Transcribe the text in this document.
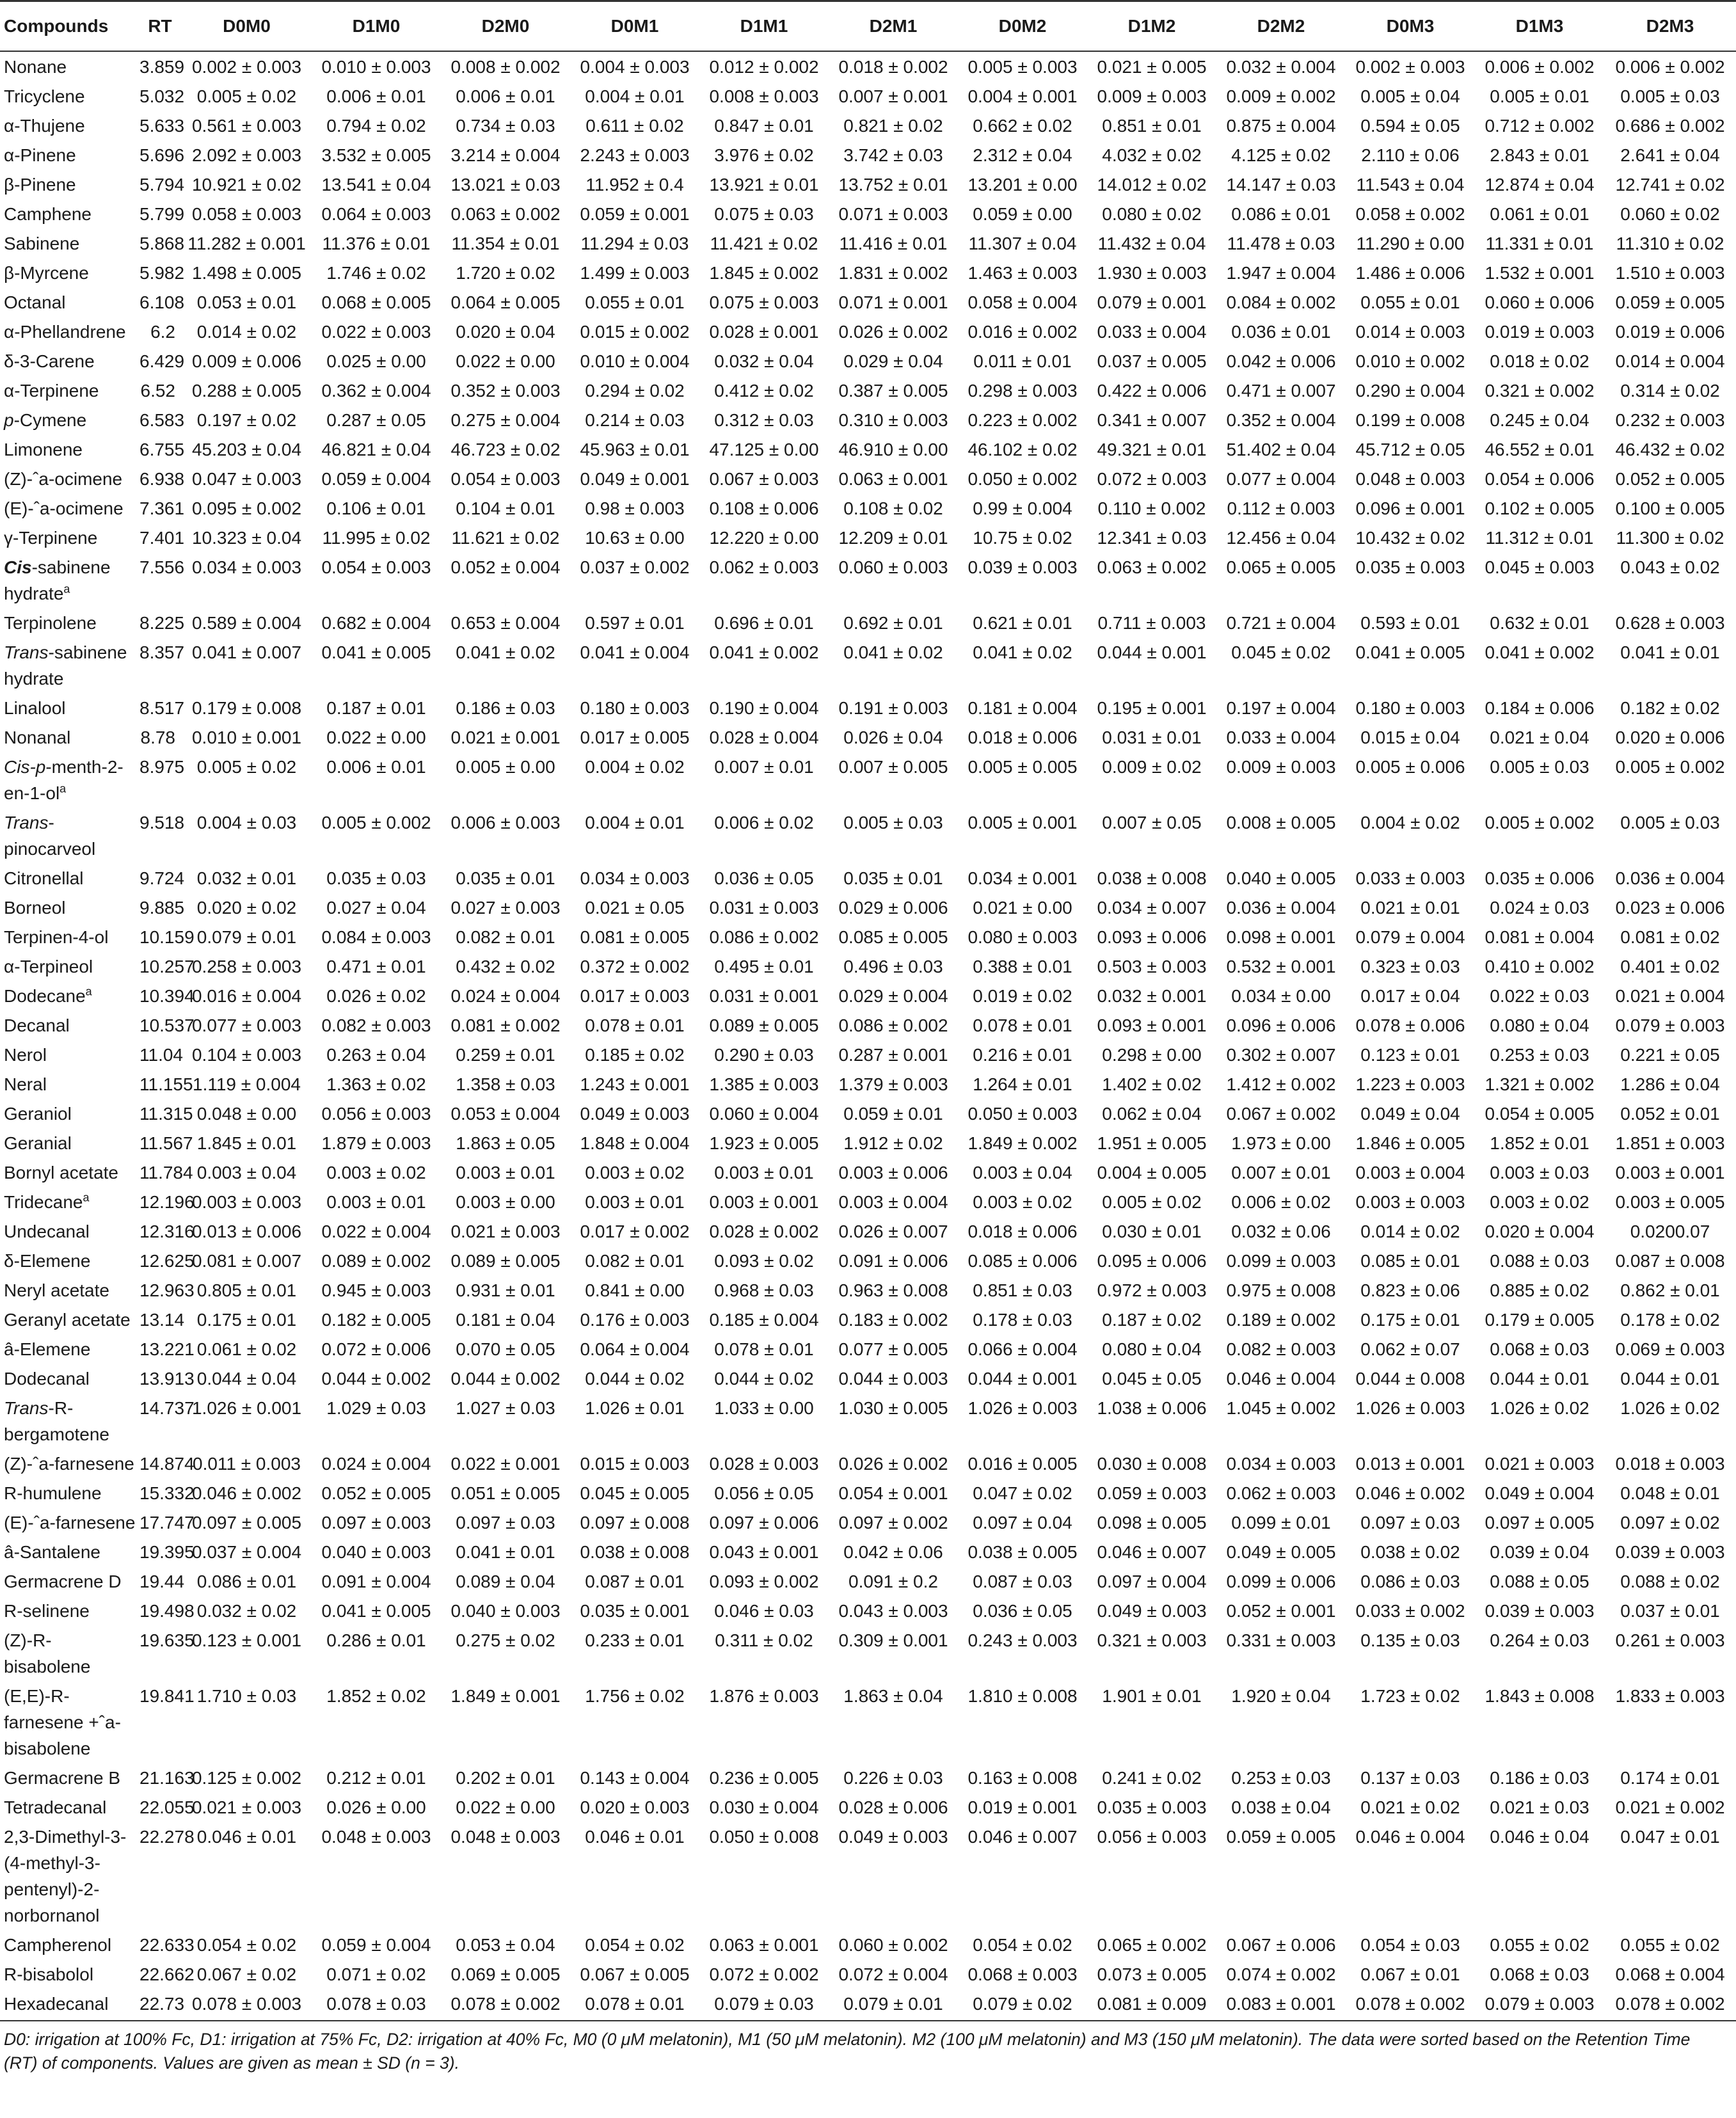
Compounds	RT	D0M0	D1M0	D2M0	D0M1	D1M1	D2M1	D0M2	D1M2	D2M2	D0M3	D1M3	D2M3
Nonane	3.859	0.002 ± 0.003	0.010 ± 0.003	0.008 ± 0.002	0.004 ± 0.003	0.012 ± 0.002	0.018 ± 0.002	0.005 ± 0.003	0.021 ± 0.005	0.032 ± 0.004	0.002 ± 0.003	0.006 ± 0.002	0.006 ± 0.002
Tricyclene	5.032	0.005 ± 0.02	0.006 ± 0.01	0.006 ± 0.01	0.004 ± 0.01	0.008 ± 0.003	0.007 ± 0.001	0.004 ± 0.001	0.009 ± 0.003	0.009 ± 0.002	0.005 ± 0.04	0.005 ± 0.01	0.005 ± 0.03
α-Thujene	5.633	0.561 ± 0.003	0.794 ± 0.02	0.734 ± 0.03	0.611 ± 0.02	0.847 ± 0.01	0.821 ± 0.02	0.662 ± 0.02	0.851 ± 0.01	0.875 ± 0.004	0.594 ± 0.05	0.712 ± 0.002	0.686 ± 0.002
α-Pinene	5.696	2.092 ± 0.003	3.532 ± 0.005	3.214 ± 0.004	2.243 ± 0.003	3.976 ± 0.02	3.742 ± 0.03	2.312 ± 0.04	4.032 ± 0.02	4.125 ± 0.02	2.110 ± 0.06	2.843 ± 0.01	2.641 ± 0.04
β-Pinene	5.794	10.921 ± 0.02	13.541 ± 0.04	13.021 ± 0.03	11.952 ± 0.4	13.921 ± 0.01	13.752 ± 0.01	13.201 ± 0.00	14.012 ± 0.02	14.147 ± 0.03	11.543 ± 0.04	12.874 ± 0.04	12.741 ± 0.02
Camphene	5.799	0.058 ± 0.003	0.064 ± 0.003	0.063 ± 0.002	0.059 ± 0.001	0.075 ± 0.03	0.071 ± 0.003	0.059 ± 0.00	0.080 ± 0.02	0.086 ± 0.01	0.058 ± 0.002	0.061 ± 0.01	0.060 ± 0.02
Sabinene	5.868	11.282 ± 0.001	11.376 ± 0.01	11.354 ± 0.01	11.294 ± 0.03	11.421 ± 0.02	11.416 ± 0.01	11.307 ± 0.04	11.432 ± 0.04	11.478 ± 0.03	11.290 ± 0.00	11.331 ± 0.01	11.310 ± 0.02
β-Myrcene	5.982	1.498 ± 0.005	1.746 ± 0.02	1.720 ± 0.02	1.499 ± 0.003	1.845 ± 0.002	1.831 ± 0.002	1.463 ± 0.003	1.930 ± 0.003	1.947 ± 0.004	1.486 ± 0.006	1.532 ± 0.001	1.510 ± 0.003
Octanal	6.108	0.053 ± 0.01	0.068 ± 0.005	0.064 ± 0.005	0.055 ± 0.01	0.075 ± 0.003	0.071 ± 0.001	0.058 ± 0.004	0.079 ± 0.001	0.084 ± 0.002	0.055 ± 0.01	0.060 ± 0.006	0.059 ± 0.005
α-Phellandrene	6.2	0.014 ± 0.02	0.022 ± 0.003	0.020 ± 0.04	0.015 ± 0.002	0.028 ± 0.001	0.026 ± 0.002	0.016 ± 0.002	0.033 ± 0.004	0.036 ± 0.01	0.014 ± 0.003	0.019 ± 0.003	0.019 ± 0.006
δ-3-Carene	6.429	0.009 ± 0.006	0.025 ± 0.00	0.022 ± 0.00	0.010 ± 0.004	0.032 ± 0.04	0.029 ± 0.04	0.011 ± 0.01	0.037 ± 0.005	0.042 ± 0.006	0.010 ± 0.002	0.018 ± 0.02	0.014 ± 0.004
α-Terpinene	6.52	0.288 ± 0.005	0.362 ± 0.004	0.352 ± 0.003	0.294 ± 0.02	0.412 ± 0.02	0.387 ± 0.005	0.298 ± 0.003	0.422 ± 0.006	0.471 ± 0.007	0.290 ± 0.004	0.321 ± 0.002	0.314 ± 0.02
p-Cymene	6.583	0.197 ± 0.02	0.287 ± 0.05	0.275 ± 0.004	0.214 ± 0.03	0.312 ± 0.03	0.310 ± 0.003	0.223 ± 0.002	0.341 ± 0.007	0.352 ± 0.004	0.199 ± 0.008	0.245 ± 0.04	0.232 ± 0.003
Limonene	6.755	45.203 ± 0.04	46.821 ± 0.04	46.723 ± 0.02	45.963 ± 0.01	47.125 ± 0.00	46.910 ± 0.00	46.102 ± 0.02	49.321 ± 0.01	51.402 ± 0.04	45.712 ± 0.05	46.552 ± 0.01	46.432 ± 0.02
(Z)-ˆa-ocimene	6.938	0.047 ± 0.003	0.059 ± 0.004	0.054 ± 0.003	0.049 ± 0.001	0.067 ± 0.003	0.063 ± 0.001	0.050 ± 0.002	0.072 ± 0.003	0.077 ± 0.004	0.048 ± 0.003	0.054 ± 0.006	0.052 ± 0.005
(E)-ˆa-ocimene	7.361	0.095 ± 0.002	0.106 ± 0.01	0.104 ± 0.01	0.98 ± 0.003	0.108 ± 0.006	0.108 ± 0.02	0.99 ± 0.004	0.110 ± 0.002	0.112 ± 0.003	0.096 ± 0.001	0.102 ± 0.005	0.100 ± 0.005
γ-Terpinene	7.401	10.323 ± 0.04	11.995 ± 0.02	11.621 ± 0.02	10.63 ± 0.00	12.220 ± 0.00	12.209 ± 0.01	10.75 ± 0.02	12.341 ± 0.03	12.456 ± 0.04	10.432 ± 0.02	11.312 ± 0.01	11.300 ± 0.02
Cis-sabinene hydrate$^a$	7.556	0.034 ± 0.003	0.054 ± 0.003	0.052 ± 0.004	0.037 ± 0.002	0.062 ± 0.003	0.060 ± 0.003	0.039 ± 0.003	0.063 ± 0.002	0.065 ± 0.005	0.035 ± 0.003	0.045 ± 0.003	0.043 ± 0.02
Terpinolene	8.225	0.589 ± 0.004	0.682 ± 0.004	0.653 ± 0.004	0.597 ± 0.01	0.696 ± 0.01	0.692 ± 0.01	0.621 ± 0.01	0.711 ± 0.003	0.721 ± 0.004	0.593 ± 0.01	0.632 ± 0.01	0.628 ± 0.003
Trans-sabinene hydrate	8.357	0.041 ± 0.007	0.041 ± 0.005	0.041 ± 0.02	0.041 ± 0.004	0.041 ± 0.002	0.041 ± 0.02	0.041 ± 0.02	0.044 ± 0.001	0.045 ± 0.02	0.041 ± 0.005	0.041 ± 0.002	0.041 ± 0.01
Linalool	8.517	0.179 ± 0.008	0.187 ± 0.01	0.186 ± 0.03	0.180 ± 0.003	0.190 ± 0.004	0.191 ± 0.003	0.181 ± 0.004	0.195 ± 0.001	0.197 ± 0.004	0.180 ± 0.003	0.184 ± 0.006	0.182 ± 0.02
Nonanal	8.78	0.010 ± 0.001	0.022 ± 0.00	0.021 ± 0.001	0.017 ± 0.005	0.028 ± 0.004	0.026 ± 0.04	0.018 ± 0.006	0.031 ± 0.01	0.033 ± 0.004	0.015 ± 0.04	0.021 ± 0.04	0.020 ± 0.006
Cis-$p-menth-2-en-1-ol^a$	8.975	0.005 ± 0.02	0.006 ± 0.01	0.005 ± 0.00	0.004 ± 0.02	0.007 ± 0.01	0.007 ± 0.005	0.005 ± 0.005	0.009 ± 0.02	0.009 ± 0.003	0.005 ± 0.006	0.005 ± 0.03	0.005 ± 0.002
Trans-pinocarveol	9.518	0.004 ± 0.03	0.005 ± 0.002	0.006 ± 0.003	0.004 ± 0.01	0.006 ± 0.02	0.005 ± 0.03	0.005 ± 0.001	0.007 ± 0.05	0.008 ± 0.005	0.004 ± 0.02	0.005 ± 0.002	0.005 ± 0.03
Citronellal	9.724	0.032 ± 0.01	0.035 ± 0.03	0.035 ± 0.01	0.034 ± 0.003	0.036 ± 0.05	0.035 ± 0.01	0.034 ± 0.001	0.038 ± 0.008	0.040 ± 0.005	0.033 ± 0.003	0.035 ± 0.006	0.036 ± 0.004
Borneol	9.885	0.020 ± 0.02	0.027 ± 0.04	0.027 ± 0.003	0.021 ± 0.05	0.031 ± 0.003	0.029 ± 0.006	0.021 ± 0.00	0.034 ± 0.007	0.036 ± 0.004	0.021 ± 0.01	0.024 ± 0.03	0.023 ± 0.006
Terpinen-4-ol	10.159	0.079 ± 0.01	0.084 ± 0.003	0.082 ± 0.01	0.081 ± 0.005	0.086 ± 0.002	0.085 ± 0.005	0.080 ± 0.003	0.093 ± 0.006	0.098 ± 0.001	0.079 ± 0.004	0.081 ± 0.004	0.081 ± 0.02
α-Terpineol	10.257	0.258 ± 0.003	0.471 ± 0.01	0.432 ± 0.02	0.372 ± 0.002	0.495 ± 0.01	0.496 ± 0.03	0.388 ± 0.01	0.503 ± 0.003	0.532 ± 0.001	0.323 ± 0.03	0.410 ± 0.002	0.401 ± 0.02
Dodecane$^a$	10.394	0.016 ± 0.004	0.026 ± 0.02	0.024 ± 0.004	0.017 ± 0.003	0.031 ± 0.001	0.029 ± 0.004	0.019 ± 0.02	0.032 ± 0.001	0.034 ± 0.00	0.017 ± 0.04	0.022 ± 0.03	0.021 ± 0.004
Decanal	10.537	0.077 ± 0.003	0.082 ± 0.003	0.081 ± 0.002	0.078 ± 0.01	0.089 ± 0.005	0.086 ± 0.002	0.078 ± 0.01	0.093 ± 0.001	0.096 ± 0.006	0.078 ± 0.006	0.080 ± 0.04	0.079 ± 0.003
Nerol	11.04	0.104 ± 0.003	0.263 ± 0.04	0.259 ± 0.01	0.185 ± 0.02	0.290 ± 0.03	0.287 ± 0.001	0.216 ± 0.01	0.298 ± 0.00	0.302 ± 0.007	0.123 ± 0.01	0.253 ± 0.03	0.221 ± 0.05
Neral	11.155	1.119 ± 0.004	1.363 ± 0.02	1.358 ± 0.03	1.243 ± 0.001	1.385 ± 0.003	1.379 ± 0.003	1.264 ± 0.01	1.402 ± 0.02	1.412 ± 0.002	1.223 ± 0.003	1.321 ± 0.002	1.286 ± 0.04
Geraniol	11.315	0.048 ± 0.00	0.056 ± 0.003	0.053 ± 0.004	0.049 ± 0.003	0.060 ± 0.004	0.059 ± 0.01	0.050 ± 0.003	0.062 ± 0.04	0.067 ± 0.002	0.049 ± 0.04	0.054 ± 0.005	0.052 ± 0.01
Geranial	11.567	1.845 ± 0.01	1.879 ± 0.003	1.863 ± 0.05	1.848 ± 0.004	1.923 ± 0.005	1.912 ± 0.02	1.849 ± 0.002	1.951 ± 0.005	1.973 ± 0.00	1.846 ± 0.005	1.852 ± 0.01	1.851 ± 0.003
Bornyl acetate	11.784	0.003 ± 0.04	0.003 ± 0.02	0.003 ± 0.01	0.003 ± 0.02	0.003 ± 0.01	0.003 ± 0.006	0.003 ± 0.04	0.004 ± 0.005	0.007 ± 0.01	0.003 ± 0.004	0.003 ± 0.03	0.003 ± 0.001
Tridecane$^a$	12.196	0.003 ± 0.003	0.003 ± 0.01	0.003 ± 0.00	0.003 ± 0.01	0.003 ± 0.001	0.003 ± 0.004	0.003 ± 0.02	0.005 ± 0.02	0.006 ± 0.02	0.003 ± 0.003	0.003 ± 0.02	0.003 ± 0.005
Undecanal	12.316	0.013 ± 0.006	0.022 ± 0.004	0.021 ± 0.003	0.017 ± 0.002	0.028 ± 0.002	0.026 ± 0.007	0.018 ± 0.006	0.030 ± 0.01	0.032 ± 0.06	0.014 ± 0.02	0.020 ± 0.004	0.0200.07
δ-Elemene	12.625	0.081 ± 0.007	0.089 ± 0.002	0.089 ± 0.005	0.082 ± 0.01	0.093 ± 0.02	0.091 ± 0.006	0.085 ± 0.006	0.095 ± 0.006	0.099 ± 0.003	0.085 ± 0.01	0.088 ± 0.03	0.087 ± 0.008
Neryl acetate	12.963	0.805 ± 0.01	0.945 ± 0.003	0.931 ± 0.01	0.841 ± 0.00	0.968 ± 0.03	0.963 ± 0.008	0.851 ± 0.03	0.972 ± 0.003	0.975 ± 0.008	0.823 ± 0.06	0.885 ± 0.02	0.862 ± 0.01
Geranyl acetate	13.14	0.175 ± 0.01	0.182 ± 0.005	0.181 ± 0.04	0.176 ± 0.003	0.185 ± 0.004	0.183 ± 0.002	0.178 ± 0.03	0.187 ± 0.02	0.189 ± 0.002	0.175 ± 0.01	0.179 ± 0.005	0.178 ± 0.02
â-Elemene	13.221	0.061 ± 0.02	0.072 ± 0.006	0.070 ± 0.05	0.064 ± 0.004	0.078 ± 0.01	0.077 ± 0.005	0.066 ± 0.004	0.080 ± 0.04	0.082 ± 0.003	0.062 ± 0.07	0.068 ± 0.03	0.069 ± 0.003
Dodecanal	13.913	0.044 ± 0.04	0.044 ± 0.002	0.044 ± 0.002	0.044 ± 0.02	0.044 ± 0.02	0.044 ± 0.003	0.044 ± 0.001	0.045 ± 0.05	0.046 ± 0.004	0.044 ± 0.008	0.044 ± 0.01	0.044 ± 0.01
Trans-R-bergamotene	14.737	1.026 ± 0.001	1.029 ± 0.03	1.027 ± 0.03	1.026 ± 0.01	1.033 ± 0.00	1.030 ± 0.005	1.026 ± 0.003	1.038 ± 0.006	1.045 ± 0.002	1.026 ± 0.003	1.026 ± 0.02	1.026 ± 0.02
(Z)-ˆa-farnesene	14.874	0.011 ± 0.003	0.024 ± 0.004	0.022 ± 0.001	0.015 ± 0.003	0.028 ± 0.003	0.026 ± 0.002	0.016 ± 0.005	0.030 ± 0.008	0.034 ± 0.003	0.013 ± 0.001	0.021 ± 0.003	0.018 ± 0.003
R-humulene	15.332	0.046 ± 0.002	0.052 ± 0.005	0.051 ± 0.005	0.045 ± 0.005	0.056 ± 0.05	0.054 ± 0.001	0.047 ± 0.02	0.059 ± 0.003	0.062 ± 0.003	0.046 ± 0.002	0.049 ± 0.004	0.048 ± 0.01
(E)-ˆa-farnesene	17.747	0.097 ± 0.005	0.097 ± 0.003	0.097 ± 0.03	0.097 ± 0.008	0.097 ± 0.006	0.097 ± 0.002	0.097 ± 0.04	0.098 ± 0.005	0.099 ± 0.01	0.097 ± 0.03	0.097 ± 0.005	0.097 ± 0.02
â-Santalene	19.395	0.037 ± 0.004	0.040 ± 0.003	0.041 ± 0.01	0.038 ± 0.008	0.043 ± 0.001	0.042 ± 0.06	0.038 ± 0.005	0.046 ± 0.007	0.049 ± 0.005	0.038 ± 0.02	0.039 ± 0.04	0.039 ± 0.003
Germacrene D	19.44	0.086 ± 0.01	0.091 ± 0.004	0.089 ± 0.04	0.087 ± 0.01	0.093 ± 0.002	0.091 ± 0.2	0.087 ± 0.03	0.097 ± 0.004	0.099 ± 0.006	0.086 ± 0.03	0.088 ± 0.05	0.088 ± 0.02
R-selinene	19.498	0.032 ± 0.02	0.041 ± 0.005	0.040 ± 0.003	0.035 ± 0.001	0.046 ± 0.03	0.043 ± 0.003	0.036 ± 0.05	0.049 ± 0.003	0.052 ± 0.001	0.033 ± 0.002	0.039 ± 0.003	0.037 ± 0.01
(Z)-R-bisabolene	19.635	0.123 ± 0.001	0.286 ± 0.01	0.275 ± 0.02	0.233 ± 0.01	0.311 ± 0.02	0.309 ± 0.001	0.243 ± 0.003	0.321 ± 0.003	0.331 ± 0.003	0.135 ± 0.03	0.264 ± 0.03	0.261 ± 0.003
(E,E)-R-farnesene +ˆa-bisabolene	19.841	1.710 ± 0.03	1.852 ± 0.02	1.849 ± 0.001	1.756 ± 0.02	1.876 ± 0.003	1.863 ± 0.04	1.810 ± 0.008	1.901 ± 0.01	1.920 ± 0.04	1.723 ± 0.02	1.843 ± 0.008	1.833 ± 0.003
Germacrene B	21.163	0.125 ± 0.002	0.212 ± 0.01	0.202 ± 0.01	0.143 ± 0.004	0.236 ± 0.005	0.226 ± 0.03	0.163 ± 0.008	0.241 ± 0.02	0.253 ± 0.03	0.137 ± 0.03	0.186 ± 0.03	0.174 ± 0.01
Tetradecanal	22.055	0.021 ± 0.003	0.026 ± 0.00	0.022 ± 0.00	0.020 ± 0.003	0.030 ± 0.004	0.028 ± 0.006	0.019 ± 0.001	0.035 ± 0.003	0.038 ± 0.04	0.021 ± 0.02	0.021 ± 0.03	0.021 ± 0.002
2,3-Dimethyl-3-(4-methyl-3-pentenyl)-2-norbornanol	22.278	0.046 ± 0.01	0.048 ± 0.003	0.048 ± 0.003	0.046 ± 0.01	0.050 ± 0.008	0.049 ± 0.003	0.046 ± 0.007	0.056 ± 0.003	0.059 ± 0.005	0.046 ± 0.004	0.046 ± 0.04	0.047 ± 0.01
Campherenol	22.633	0.054 ± 0.02	0.059 ± 0.004	0.053 ± 0.04	0.054 ± 0.02	0.063 ± 0.001	0.060 ± 0.002	0.054 ± 0.02	0.065 ± 0.002	0.067 ± 0.006	0.054 ± 0.03	0.055 ± 0.02	0.055 ± 0.02
R-bisabolol	22.662	0.067 ± 0.02	0.071 ± 0.02	0.069 ± 0.005	0.067 ± 0.005	0.072 ± 0.002	0.072 ± 0.004	0.068 ± 0.003	0.073 ± 0.005	0.074 ± 0.002	0.067 ± 0.01	0.068 ± 0.03	0.068 ± 0.004
Hexadecanal	22.73	0.078 ± 0.003	0.078 ± 0.03	0.078 ± 0.002	0.078 ± 0.01	0.079 ± 0.03	0.079 ± 0.01	0.079 ± 0.02	0.081 ± 0.009	0.083 ± 0.001	0.078 ± 0.002	0.079 ± 0.003	0.078 ± 0.002
D0: irrigation at 100% Fc, D1: irrigation at 75% Fc, D2: irrigation at 40% Fc, M0 (0 μM melatonin), M1 (50 μM melatonin). M2 (100 μM melatonin) and M3 (150 μM melatonin). The data were sorted based on the Retention Time (RT) of components. Values are given as mean ± SD (n = 3).
